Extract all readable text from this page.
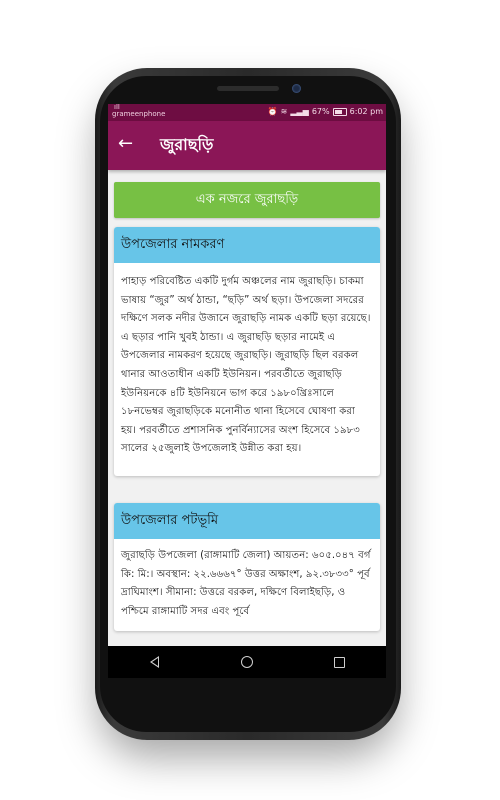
ıll
grameenphone	⏰ ≋ ▂▃▅ 67%	6:02 pm
← জুরাছড়ি
এক নজরে জুরাছড়ি
উপজেলার নামকরণ
পাহাড় পরিবেষ্টিত একটি দুর্গম অঞ্চলের নাম জুরাছড়ি। চাকমা ভাষায় “জুর” অর্থ ঠান্ডা, “ছড়ি” অর্থ ছড়া। উপজেলা সদরের দক্ষিণে সলক নদীর উজানে জুরাছড়ি নামক একটি ছড়া রয়েছে। এ ছড়ার পানি খুবই ঠান্ডা। এ জুরাছড়ি ছড়ার নামেই এ উপজেলার নামকরণ হয়েছে জুরাছড়ি। জুরাছড়ি ছিল বরকল থানার আওতাধীন একটি ইউনিয়ন। পরবর্তীতে জুরাছড়ি ইউনিয়নকে ৪টি ইউনিয়নে ভাগ করে ১৯৮০খ্রিঃসালে ১৮নভেম্বর জুরাছড়িকে মনোনীত থানা হিসেবে ঘোষণা করা হয়। পরবর্তীতে প্রশাসনিক পুনর্বিন্যাসের অংশ হিসেবে ১৯৮৩ সালের ২৫জুলাই উপজেলাই উন্নীত করা হয়।
উপজেলার পটভূমি
জুরাছড়ি উপজেলা (রাঙ্গামাটি জেলা) আয়তন: ৬০৫.০৪৭ বর্গ কি: মি:। অবস্থান: ২২.৬৬৬৭° উত্তর অক্ষাংশ, ৯২.৩৮৩৩° পূর্ব দ্রাঘিমাংশ। সীমানা: উত্তরে বরকল, দক্ষিণে বিলাইছড়ি, ও পশ্চিমে রাঙ্গামাটি সদর এবং পূর্বে
